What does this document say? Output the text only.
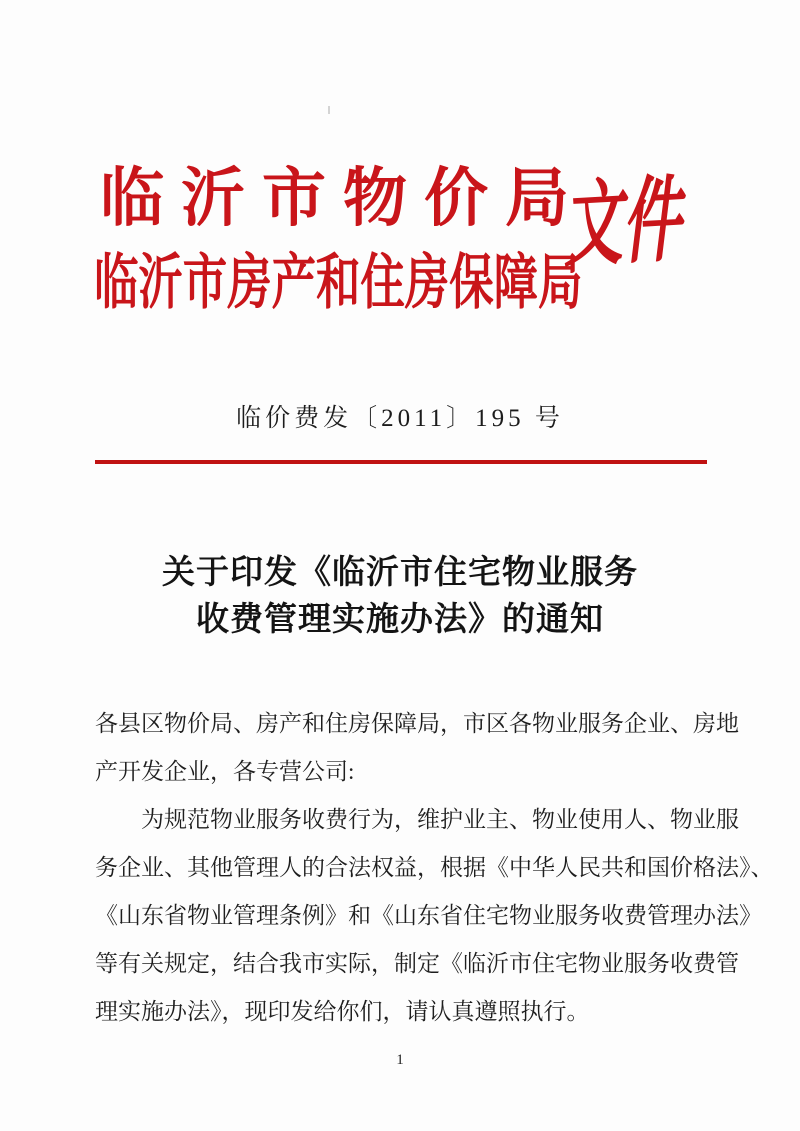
临沂市物价局
临沂市房产和住房保障局
文件
临价费发〔2011〕195 号
关于印发《临沂市住宅物业服务
收费管理实施办法》的通知
各县区物价局、房产和住房保障局，市区各物业服务企业、房地
产开发企业，各专营公司:
为规范物业服务收费行为，维护业主、物业使用人、物业服
务企业、其他管理人的合法权益，根据《中华人民共和国价格法》、
《山东省物业管理条例》和《山东省住宅物业服务收费管理办法》
等有关规定，结合我市实际，制定《临沂市住宅物业服务收费管
理实施办法》，现印发给你们，请认真遵照执行。
1
